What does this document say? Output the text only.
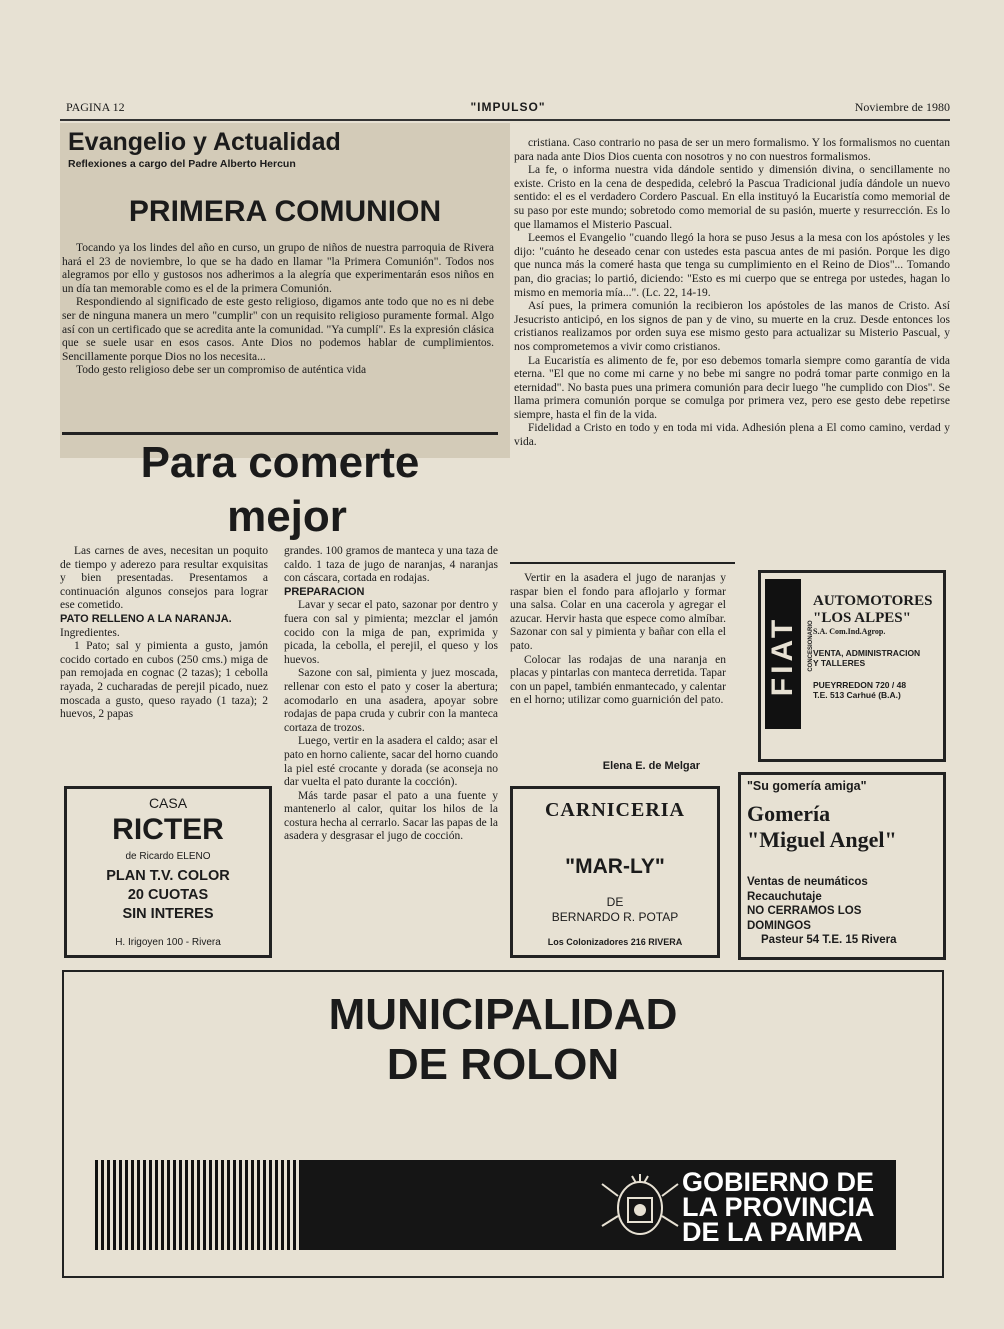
PAGINA 12	"IMPULSO"	Noviembre de 1980
Evangelio y Actualidad
Reflexiones a cargo del Padre Alberto Hercun
PRIMERA COMUNION

Tocando ya los lindes del año en curso, un grupo de niños de nuestra parroquia de Rivera hará el 23 de noviembre, lo que se ha dado en llamar "la Primera Comunión". Todos nos alegramos por ello y gustosos nos adherimos a la alegría que experimentarán esos niños en un día tan memorable como es el de la primera Comunión.

Respondiendo al significado de este gesto religioso, digamos ante todo que no es ni debe ser de ninguna manera un mero "cumplir" con un requisito religioso puramente formal. Algo así con un certificado que se acredita ante la comunidad. "Ya cumplí". Es la expresión clásica que se suele usar en esos casos. Ante Dios no podemos hablar de cumplimientos. Sencillamente porque Dios no los necesita...

Todo gesto religioso debe ser un compromiso de auténtica vida

cristiana. Caso contrario no pasa de ser un mero formalismo. Y los formalismos no cuentan para nada ante Dios Dios cuenta con nosotros y no con nuestros formalismos.

La fe, o informa nuestra vida dándole sentido y dimensión divina, o sencillamente no existe. Cristo en la cena de despedida, celebró la Pascua Tradicional judía dándole un nuevo sentido: el es el verdadero Cordero Pascual. En ella instituyó la Eucaristía como memorial de su paso por este mundo; sobretodo como memorial de su pasión, muerte y resurrección. Es lo que llamamos el Misterio Pascual.

Leemos el Evangelio "cuando llegó la hora se puso Jesus a la mesa con los apóstoles y les dijo: "cuánto he deseado cenar con ustedes esta pascua antes de mi pasión. Porque les digo que nunca más la comeré hasta que tenga su cumplimiento en el Reino de Dios"... Tomando pan, dio gracias; lo partió, diciendo: "Esto es mi cuerpo que se entrega por ustedes, hagan lo mismo en memoria mía...". (Lc. 22, 14-19.

Así pues, la primera comunión la recibieron los apóstoles de las manos de Cristo. Así Jesucristo anticipó, en los signos de pan y de vino, su muerte en la cruz. Desde entonces los cristianos realizamos por orden suya ese mismo gesto para actualizar su Misterio Pascual, y nos comprometemos a vivir como cristianos.

La Eucaristía es alimento de fe, por eso debemos tomarla siempre como garantía de vida eterna. "El que no come mi carne y no bebe mi sangre no podrá tomar parte conmigo en la eternidad". No basta pues una primera comunión para decir luego "he cumplido con Dios". Se llama primera comunión porque se comulga por primera vez, pero ese gesto debe repetirse siempre, hasta el fin de la vida.

Fidelidad a Cristo en todo y en toda mi vida. Adhesión plena a El como camino, verdad y vida.

Para comerte
mejor

Las carnes de aves, necesitan un poquito de tiempo y aderezo para resultar exquisitas y bien presentadas. Presentamos a continuación algunos consejos para lograr ese cometido.

PATO RELLENO A LA NARANJA.

Ingredientes.

1 Pato; sal y pimienta a gusto, jamón cocido cortado en cubos (250 cms.) miga de pan remojada en cognac (2 tazas); 1 cebolla rayada, 2 cucharadas de perejil picado, nuez moscada a gusto, queso rayado (1 taza); 2 huevos, 2 papas

grandes. 100 gramos de manteca y una taza de caldo. 1 taza de jugo de naranjas, 4 naranjas con cáscara, cortada en rodajas.

PREPARACION

Lavar y secar el pato, sazonar por dentro y fuera con sal y pimienta; mezclar el jamón cocido con la miga de pan, exprimida y picada, la cebolla, el perejil, el queso y los huevos.

Sazone con sal, pimienta y juez moscada, rellenar con esto el pato y coser la abertura; acomodarlo en una asadera, apoyar sobre rodajas de papa cruda y cubrir con la manteca cortaza de trozos.

Luego, vertir en la asadera el caldo; asar el pato en horno caliente, sacar del horno cuando la piel esté crocante y dorada (se aconseja no dar vuelta el pato durante la cocción).

Más tarde pasar el pato a una fuente y mantenerlo al calor, quitar los hilos de la costura hecha al cerrarlo. Sacar las papas de la asadera y desgrasar el jugo de cocción.

Vertir en la asadera el jugo de naranjas y raspar bien el fondo para aflojarlo y formar una salsa. Colar en una cacerola y agregar el azucar. Hervir hasta que espece como almíbar. Sazonar con sal y pimienta y bañar con ella el pato.

Colocar las rodajas de una naranja en placas y pintarlas con manteca derretida. Tapar con un papel, también enmantecado, y calentar en el horno; utilizar como guarnición del pato.

Elena E. de Melgar
FIAT CONCESIONARIO
AUTOMOTORES
"LOS ALPES"
S.A. Com.Ind.Agrop.
VENTA, ADMINISTRACION
Y TALLERES
PUEYRREDON 720 / 48
T.E. 513 Carhué (B.A.)
"Su gomería amiga"
Gomería
"Miguel Angel"
Ventas de neumáticos
Recauchutaje
NO CERRAMOS LOS
DOMINGOS
Pasteur 54 T.E. 15 Rivera
CASA
RICTER
de Ricardo ELENO
PLAN T.V. COLOR
20 CUOTAS
SIN INTERES
H. Irigoyen 100 - Rivera
CARNICERIA
"MAR-LY"
DE
BERNARDO R. POTAP
Los Colonizadores 216 RIVERA
MUNICIPALIDAD
DE ROLON
GOBIERNO DE
LA PROVINCIA
DE LA PAMPA
